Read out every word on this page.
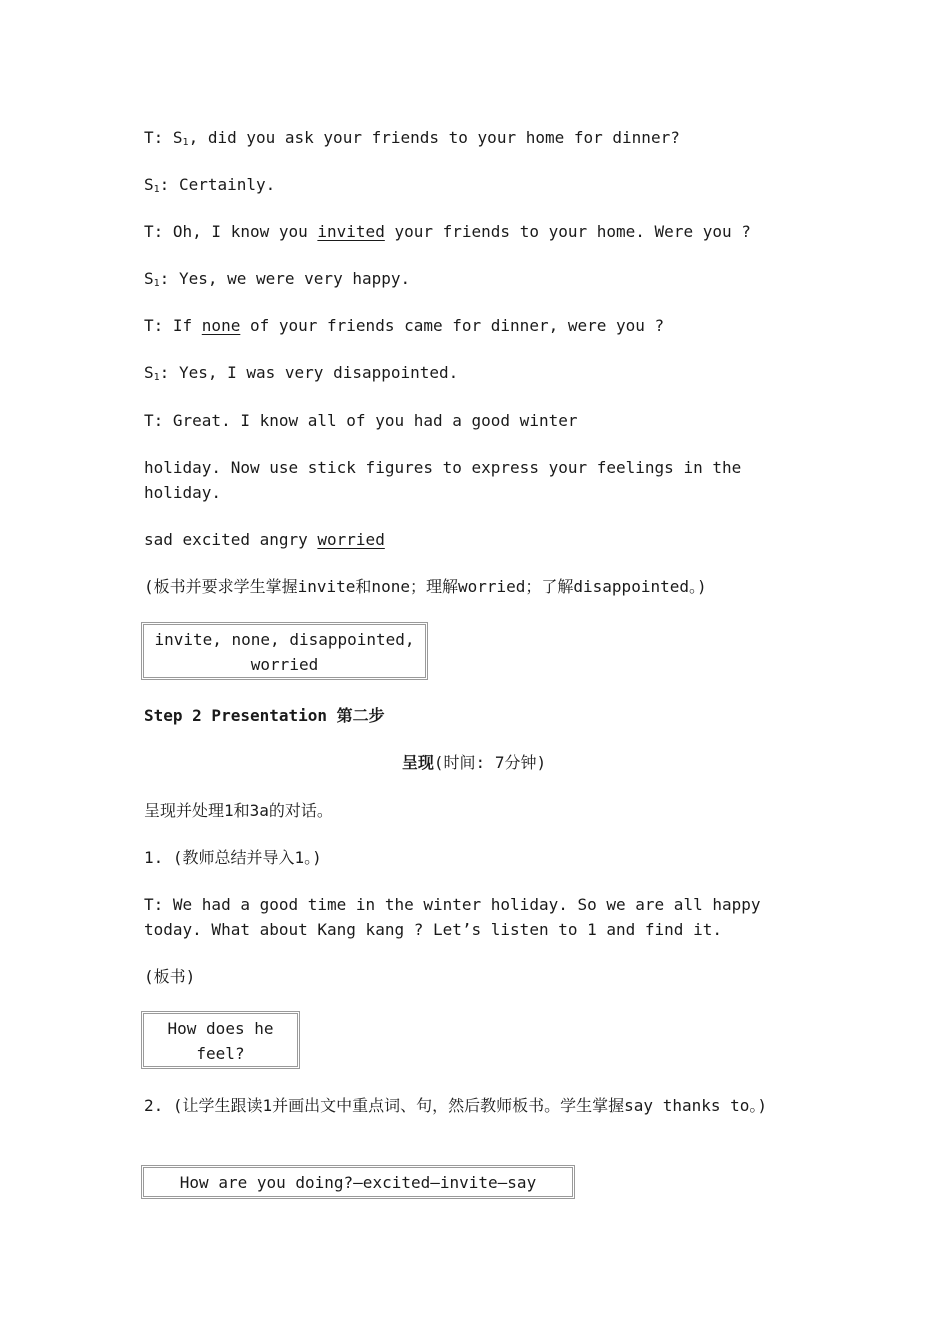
T: $S_1$, did you ask your friends to your home for dinner?
$S_1$: Certainly.
T: Oh, I know you invited your friends to your home. Were you ?
$S_1$: Yes, we were very happy.
T: If none of your friends came for dinner, were you ?
$S_1$: Yes, I was very disappointed.
T: Great. I know all of you had a good winter
holiday. Now use stick figures to express your feelings in the holiday.
sad excited angry worried
(板书并要求学生掌握invite和none；理解worried；了解disappointed。)
invite, none, disappointed, worried
Step 2 Presentation 第二步
呈现(时间: 7分钟)
呈现并处理1和3a的对话。
1. (教师总结并导入1。)
T: We had a good time in the winter holiday. So we are all happy today. What about Kang kang ? Let’s listen to 1 and find it.
(板书)
How does he feel?
2. (让学生跟读1并画出文中重点词、句，然后教师板书。学生掌握say thanks to。)
How are you doing?—excited—invite—say
